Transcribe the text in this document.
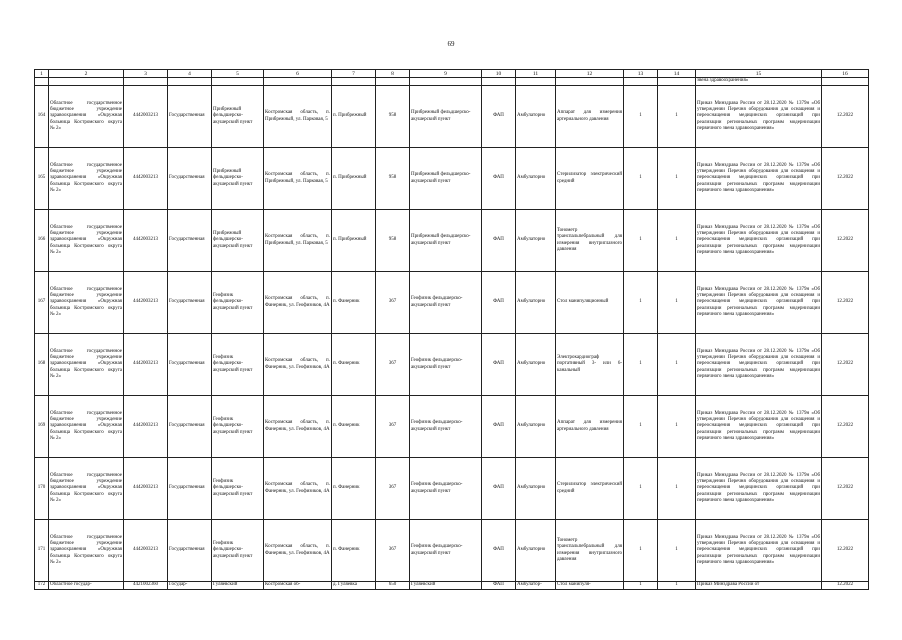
69
1	2	3	4	5	6	7	8	9	10	11	12	13	14	15	16
														звена здравоохранения»	
164	Областное государственное бюджетное учреждение здравоохранения «Окружная больница Костромского округа № 2»	4442003213	Государственная	Прибрежный фельдшерско-акушерский пункт	Костромская область, п. Прибрежный, ул. Парковая, 5	п. Прибрежный	958	Прибрежный фельдшерско-акушерский пункт	ФАП	Амбулаторно	Аппарат для измерения артериального давления	1	1	Приказ Минздрава России от 28.12.2020 № 1379н «Об утверждении Перечня оборудования для оснащения и переоснащения медицинских организаций при реализации региональных программ модернизации первичного звена здравоохранения»	12.2022
165	Областное государственное бюджетное учреждение здравоохранения «Окружная больница Костромского округа № 2»	4442003213	Государственная	Прибрежный фельдшерско-акушерский пункт	Костромская область, п. Прибрежный, ул. Парковая, 5	п. Прибрежный	958	Прибрежный фельдшерско-акушерский пункт	ФАП	Амбулаторно	Стерилизатор электрический средний	1	1	Приказ Минздрава России от 28.12.2020 № 1379н «Об утверждении Перечня оборудования для оснащения и переоснащения медицинских организаций при реализации региональных программ модернизации первичного звена здравоохранения»	12.2022
166	Областное государственное бюджетное учреждение здравоохранения «Окружная больница Костромского округа № 2»	4442003213	Государственная	Прибрежный фельдшерско-акушерский пункт	Костромская область, п. Прибрежный, ул. Парковая, 5	п. Прибрежный	958	Прибрежный фельдшерско-акушерский пункт	ФАП	Амбулаторно	Тонометр транспальпебральный для измерения внутриглазного давления	1	1	Приказ Минздрава России от 28.12.2020 № 1379н «Об утверждении Перечня оборудования для оснащения и переоснащения медицинских организаций при реализации региональных программ модернизации первичного звена здравоохранения»	12.2022
167	Областное государственное бюджетное учреждение здравоохранения «Окружная больница Костромского округа № 2»	4442003213	Государственная	Геофизик фельдшерско-акушерский пункт	Костромская область, п. Фанерник, ул. Геофизиков, 4А	п. Фанерник	367	Геофизик фельдшерско-акушерский пункт	ФАП	Амбулаторно	Стол манипуляционный	1	1	Приказ Минздрава России от 28.12.2020 № 1379н «Об утверждении Перечня оборудования для оснащения и переоснащения медицинских организаций при реализации региональных программ модернизации первичного звена здравоохранения»	12.2022
168	Областное государственное бюджетное учреждение здравоохранения «Окружная больница Костромского округа № 2»	4442003213	Государственная	Геофизик фельдшерско-акушерский пункт	Костромская область, п. Фанерник, ул. Геофизиков, 4А	п. Фанерник	367	Геофизик фельдшерско-акушерский пункт	ФАП	Амбулаторно	Электрокардиограф портативный 3- или 6-канальный	1	1	Приказ Минздрава России от 28.12.2020 № 1379н «Об утверждении Перечня оборудования для оснащения и переоснащения медицинских организаций при реализации региональных программ модернизации первичного звена здравоохранения»	12.2022
169	Областное государственное бюджетное учреждение здравоохранения «Окружная больница Костромского округа № 2»	4442003213	Государственная	Геофизик фельдшерско-акушерский пункт	Костромская область, п. Фанерник, ул. Геофизиков, 4А	п. Фанерник	367	Геофизик фельдшерско-акушерский пункт	ФАП	Амбулаторно	Аппарат для измерения артериального давления	1	1	Приказ Минздрава России от 28.12.2020 № 1379н «Об утверждении Перечня оборудования для оснащения и переоснащения медицинских организаций при реализации региональных программ модернизации первичного звена здравоохранения»	12.2022
170	Областное государственное бюджетное учреждение здравоохранения «Окружная больница Костромского округа № 2»	4442003213	Государственная	Геофизик фельдшерско-акушерский пункт	Костромская область, п. Фанерник, ул. Геофизиков, 4А	п. Фанерник	367	Геофизик фельдшерско-акушерский пункт	ФАП	Амбулаторно	Стерилизатор электрический средний	1	1	Приказ Минздрава России от 28.12.2020 № 1379н «Об утверждении Перечня оборудования для оснащения и переоснащения медицинских организаций при реализации региональных программ модернизации первичного звена здравоохранения»	12.2022
171	Областное государственное бюджетное учреждение здравоохранения «Окружная больница Костромского округа № 2»	4442003213	Государственная	Геофизик фельдшерско-акушерский пункт	Костромская область, п. Фанерник, ул. Геофизиков, 4А	п. Фанерник	367	Геофизик фельдшерско-акушерский пункт	ФАП	Амбулаторно	Тонометр транспальпебральный для измерения внутриглазного давления	1	1	Приказ Минздрава России от 28.12.2020 № 1379н «Об утверждении Перечня оборудования для оснащения и переоснащения медицинских организаций при реализации региональных программ модернизации первичного звена здравоохранения»	12.2022
172	Областное государ-	4421002360	Государ-	Гуляевский	Костромская об-	д. Гуляевка	650	Гуляевский	ФАП	Амбулатор-	Стол манипуля-	1	1	Приказ Минздрава России от	12.2022
